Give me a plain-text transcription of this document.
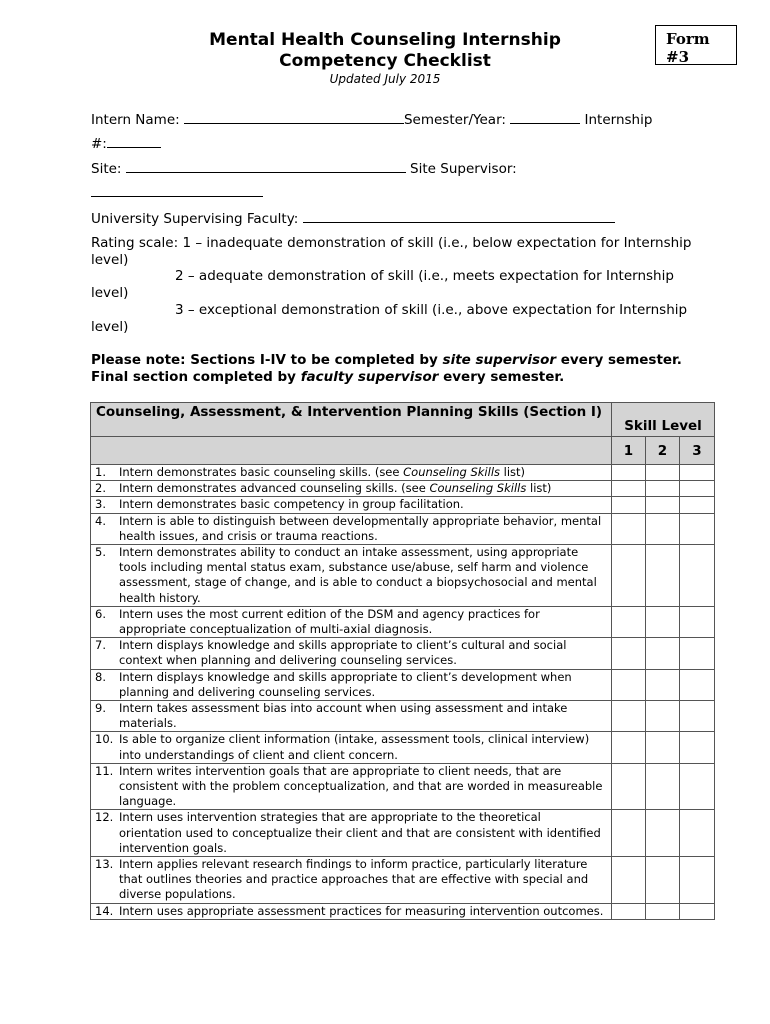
Mental Health Counseling Internship
Competency Checklist
Updated July 2015
Form
#3
Intern Name:	Semester/Year:	Internship
#:
Site:	Site Supervisor:
University Supervising Faculty:
Rating scale: 1 – inadequate demonstration of skill (i.e., below expectation for Internship
level)
2 – adequate demonstration of skill (i.e., meets expectation for Internship
level)
3 – exceptional demonstration of skill (i.e., above expectation for Internship
level)
Please note: Sections I-IV to be completed by site supervisor every semester.
Final section completed by faculty supervisor every semester.
Counseling, Assessment, & Intervention Planning Skills (Section I)	Skill Level		
	1	2	3
1. Intern demonstrates basic counseling skills. (see Counseling Skills list)			
2. Intern demonstrates advanced counseling skills. (see Counseling Skills list)			
3. Intern demonstrates basic competency in group facilitation.			
4. Intern is able to distinguish between developmentally appropriate behavior, mental health issues, and crisis or trauma reactions.			
5. Intern demonstrates ability to conduct an intake assessment, using appropriate tools including mental status exam, substance use/abuse, self harm and violence assessment, stage of change, and is able to conduct a biopsychosocial and mental health history.			
6. Intern uses the most current edition of the DSM and agency practices for appropriate conceptualization of multi-axial diagnosis.			
7. Intern displays knowledge and skills appropriate to client’s cultural and social context when planning and delivering counseling services.			
8. Intern displays knowledge and skills appropriate to client’s development when planning and delivering counseling services.			
9. Intern takes assessment bias into account when using assessment and intake materials.			
10. Is able to organize client information (intake, assessment tools, clinical interview) into understandings of client and client concern.			
11. Intern writes intervention goals that are appropriate to client needs, that are consistent with the problem conceptualization, and that are worded in measureable language.			
12. Intern uses intervention strategies that are appropriate to the theoretical orientation used to conceptualize their client and that are consistent with identified intervention goals.			
13. Intern applies relevant research findings to inform practice, particularly literature that outlines theories and practice approaches that are effective with special and diverse populations.			
14. Intern uses appropriate assessment practices for measuring intervention outcomes.			
